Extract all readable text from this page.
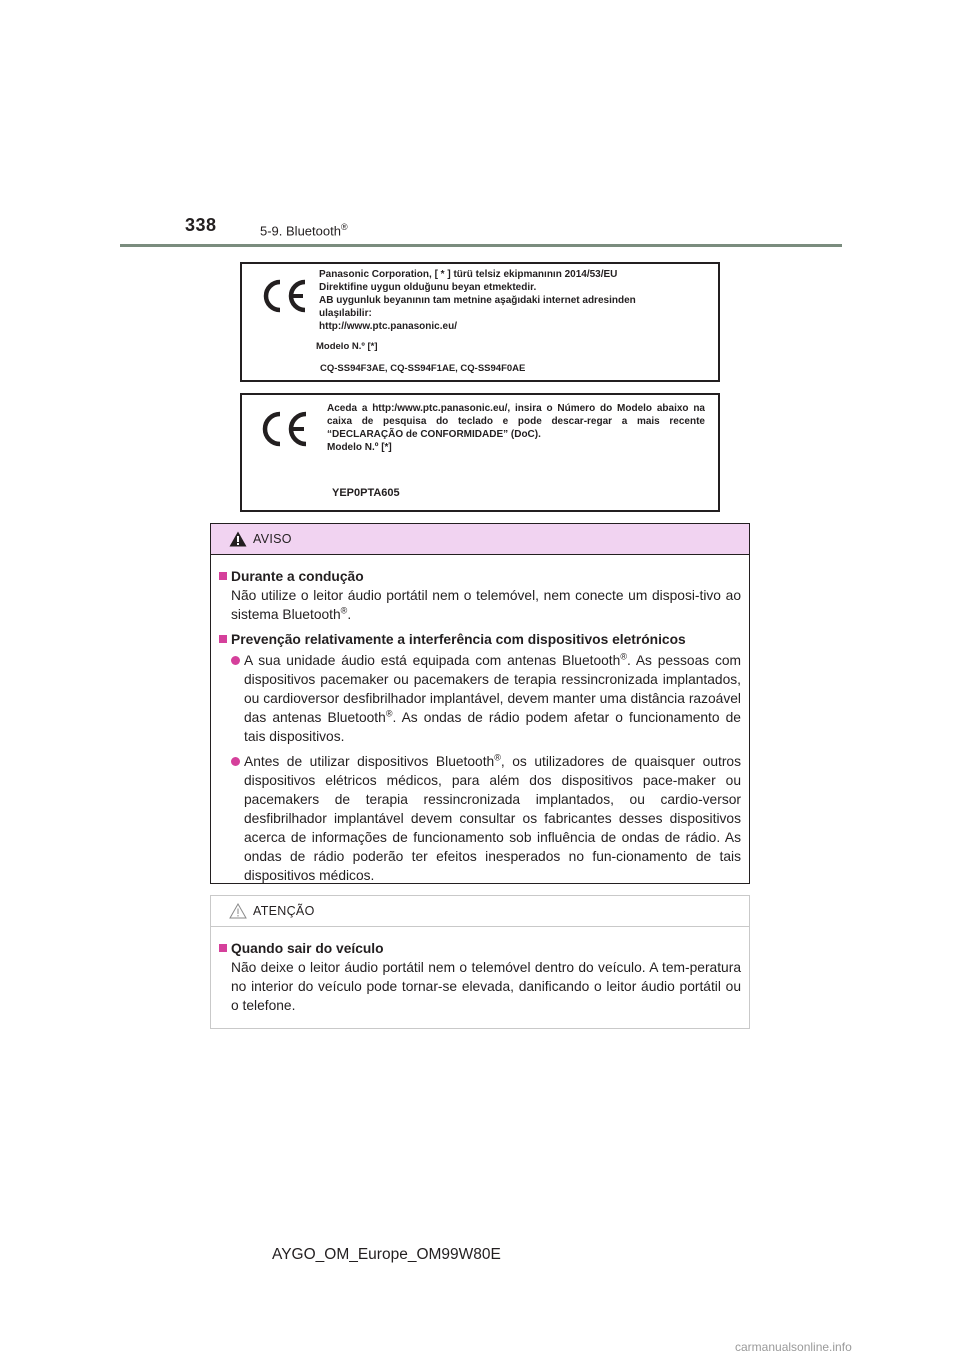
338	5-9. Bluetooth®
Panasonic Corporation, [ * ] türü telsiz ekipmanının 2014/53/EU
Direktifine uygun olduğunu beyan etmektedir.
AB uygunluk beyanının tam metnine aşağıdaki internet adresinden
ulaşılabilir:
http://www.ptc.panasonic.eu/
Modelo N.º [*]
CQ-SS94F3AE, CQ-SS94F1AE, CQ-SS94F0AE
Aceda a http:/www.ptc.panasonic.eu/, insira o Número do Modelo abaixo na caixa de pesquisa do teclado e pode descar-regar a mais recente “DECLARAÇÃO de CONFORMIDADE” (DoC).
Modelo N.º [*]
YEP0PTA605
AVISO
Durante a condução
Não utilize o leitor áudio portátil nem o telemóvel, nem conecte um disposi-tivo ao sistema Bluetooth®.
Prevenção relativamente a interferência com dispositivos eletrónicos
A sua unidade áudio está equipada com antenas Bluetooth®. As pessoas com dispositivos pacemaker ou pacemakers de terapia ressincronizada implantados, ou cardioversor desfibrilhador implantável, devem manter uma distância razoável das antenas Bluetooth®. As ondas de rádio podem afetar o funcionamento de tais dispositivos.
Antes de utilizar dispositivos Bluetooth®, os utilizadores de quaisquer outros dispositivos elétricos médicos, para além dos dispositivos pace-maker ou pacemakers de terapia ressincronizada implantados, ou cardio-versor desfibrilhador implantável devem consultar os fabricantes desses dispositivos acerca de informações de funcionamento sob influência de ondas de rádio. As ondas de rádio poderão ter efeitos inesperados no fun-cionamento de tais dispositivos médicos.
ATENÇÃO
Quando sair do veículo
Não deixe o leitor áudio portátil nem o telemóvel dentro do veículo. A tem-peratura no interior do veículo pode tornar-se elevada, danificando o leitor áudio portátil ou o telefone.
AYGO_OM_Europe_OM99W80E
carmanualsonline.info
